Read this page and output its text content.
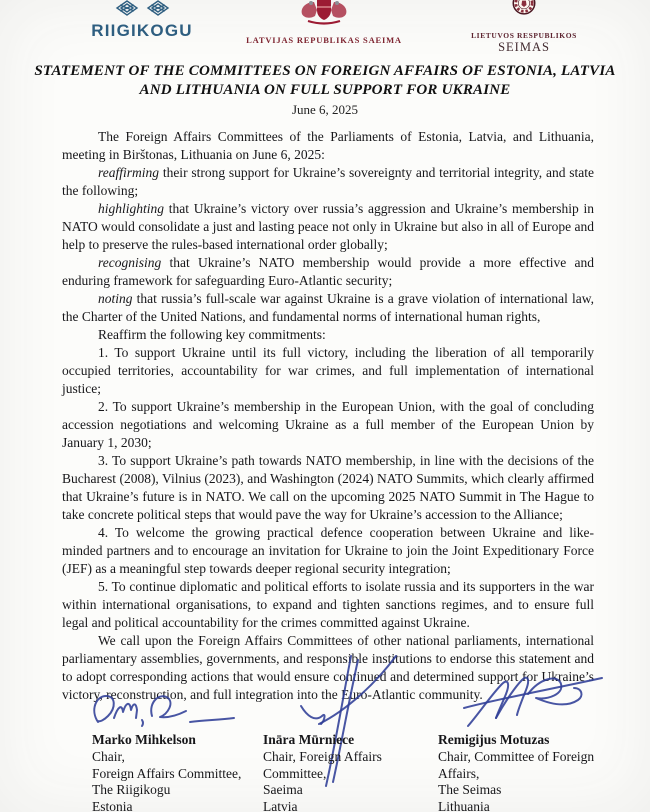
RIIGIKOGU	LATVIJAS REPUBLIKAS SAEIMA	LIETUVOS RESPUBLIKOS
SEIMAS
STATEMENT OF THE COMMITTEES ON FOREIGN AFFAIRS OF ESTONIA, LATVIA
AND LITHUANIA ON FULL SUPPORT FOR UKRAINE
June 6, 2025

The Foreign Affairs Committees of the Parliaments of Estonia, Latvia, and Lithuania, meeting in Birštonas, Lithuania on June 6, 2025:

reaffirming their strong support for Ukraine’s sovereignty and territorial integrity, and state the following;

highlighting that Ukraine’s victory over russia’s aggression and Ukraine’s membership in NATO would consolidate a just and lasting peace not only in Ukraine but also in all of Europe and help to preserve the rules-based international order globally;

recognising that Ukraine’s NATO membership would provide a more effective and enduring framework for safeguarding Euro-Atlantic security;

noting that russia’s full-scale war against Ukraine is a grave violation of international law, the Charter of the United Nations, and fundamental norms of international human rights,

Reaffirm the following key commitments:

1. To support Ukraine until its full victory, including the liberation of all temporarily occupied territories, accountability for war crimes, and full implementation of international justice;

2. To support Ukraine’s membership in the European Union, with the goal of concluding accession negotiations and welcoming Ukraine as a full member of the European Union by January 1, 2030;

3. To support Ukraine’s path towards NATO membership, in line with the decisions of the Bucharest (2008), Vilnius (2023), and Washington (2024) NATO Summits, which clearly affirmed that Ukraine’s future is in NATO. We call on the upcoming 2025 NATO Summit in The Hague to take concrete political steps that would pave the way for Ukraine’s accession to the Alliance;

4. To welcome the growing practical defence cooperation between Ukraine and like-minded partners and to encourage an invitation for Ukraine to join the Joint Expeditionary Force (JEF) as a meaningful step towards deeper regional security integration;

5. To continue diplomatic and political efforts to isolate russia and its supporters in the war within international organisations, to expand and tighten sanctions regimes, and to ensure full legal and political accountability for the crimes committed against Ukraine.

We call upon the Foreign Affairs Committees of other national parliaments, international parliamentary assemblies, governments, and responsible institutions to endorse this statement and to adopt corresponding actions that would ensure continued and determined support for Ukraine’s victory, reconstruction, and full integration into the Euro-Atlantic community.

Marko Mihkelson
Chair,
Foreign Affairs Committee,
The Riigikogu
Estonia
Ināra Mūrniece
Chair, Foreign Affairs
Committee,
Saeima
Latvia
Remigijus Motuzas
Chair, Committee of Foreign
Affairs,
The Seimas
Lithuania
